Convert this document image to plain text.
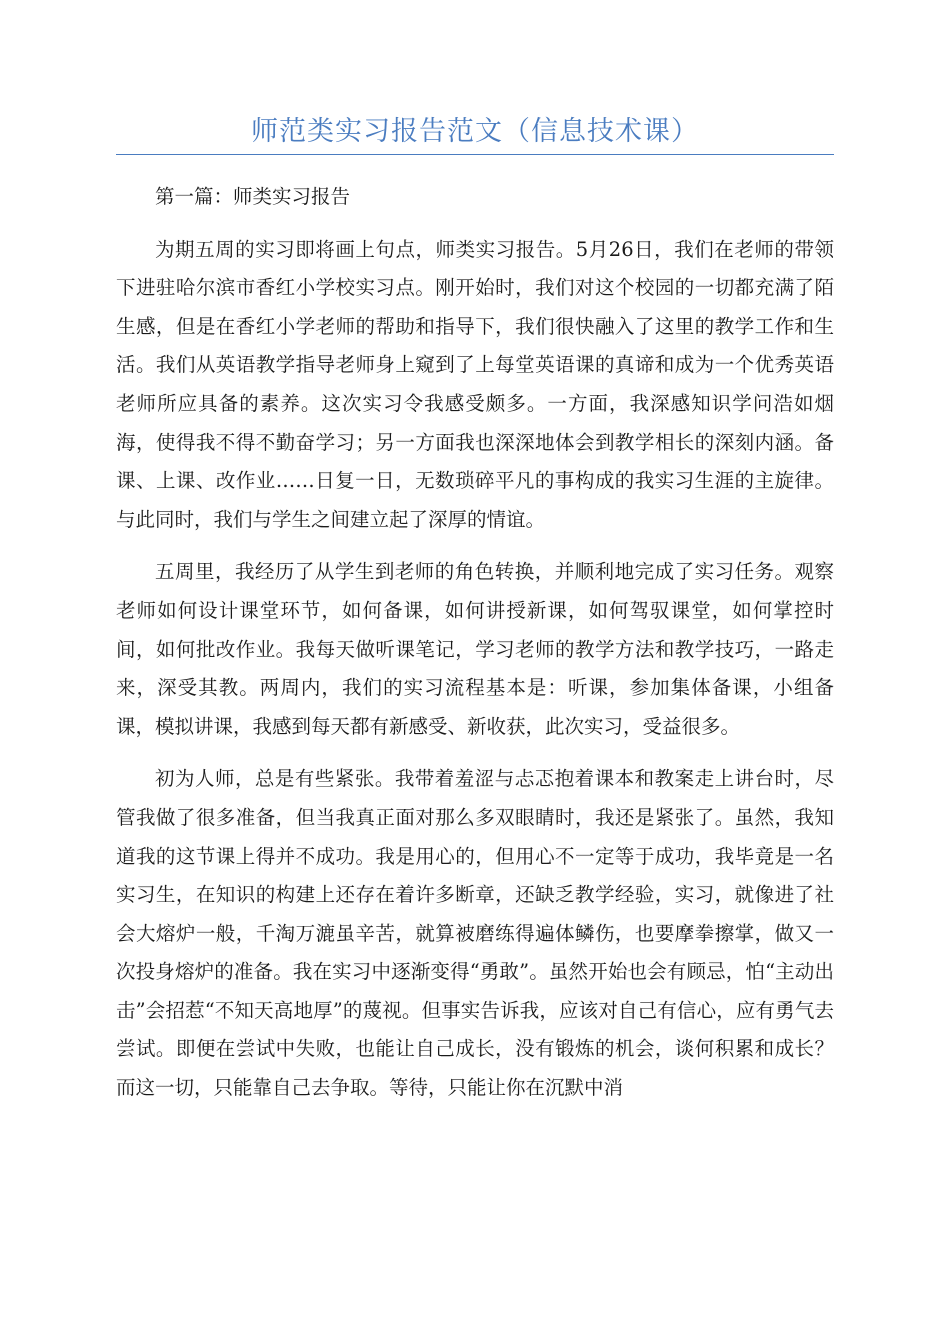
师范类实习报告范文（信息技术课）

第一篇：师类实习报告

为期五周的实习即将画上句点，师类实习报告。5月26日，我们在老师的带领下进驻哈尔滨市香红小学校实习点。刚开始时，我们对这个校园的一切都充满了陌生感，但是在香红小学老师的帮助和指导下，我们很快融入了这里的教学工作和生活。我们从英语教学指导老师身上窥到了上每堂英语课的真谛和成为一个优秀英语老师所应具备的素养。这次实习令我感受颇多。一方面，我深感知识学问浩如烟海，使得我不得不勤奋学习；另一方面我也深深地体会到教学相长的深刻内涵。备课、上课、改作业……日复一日，无数琐碎平凡的事构成的我实习生涯的主旋律。与此同时，我们与学生之间建立起了深厚的情谊。

五周里，我经历了从学生到老师的角色转换，并顺利地完成了实习任务。观察老师如何设计课堂环节，如何备课，如何讲授新课，如何驾驭课堂，如何掌控时间，如何批改作业。我每天做听课笔记，学习老师的教学方法和教学技巧，一路走来，深受其教。两周内，我们的实习流程基本是：听课，参加集体备课，小组备课，模拟讲课，我感到每天都有新感受、新收获，此次实习，受益很多。

初为人师，总是有些紧张。我带着羞涩与忐忑抱着课本和教案走上讲台时，尽管我做了很多准备，但当我真正面对那么多双眼睛时，我还是紧张了。虽然，我知道我的这节课上得并不成功。我是用心的，但用心不一定等于成功，我毕竟是一名实习生，在知识的构建上还存在着许多断章，还缺乏教学经验，实习，就像进了社会大熔炉一般，千淘万漉虽辛苦，就算被磨练得遍体鳞伤，也要摩拳擦掌，做又一次投身熔炉的准备。我在实习中逐渐变得“勇敢”。虽然开始也会有顾忌，怕“主动出击”会招惹“不知天高地厚”的蔑视。但事实告诉我，应该对自己有信心，应有勇气去尝试。即便在尝试中失败，也能让自己成长，没有锻炼的机会，谈何积累和成长？而这一切，只能靠自己去争取。等待，只能让你在沉默中消
